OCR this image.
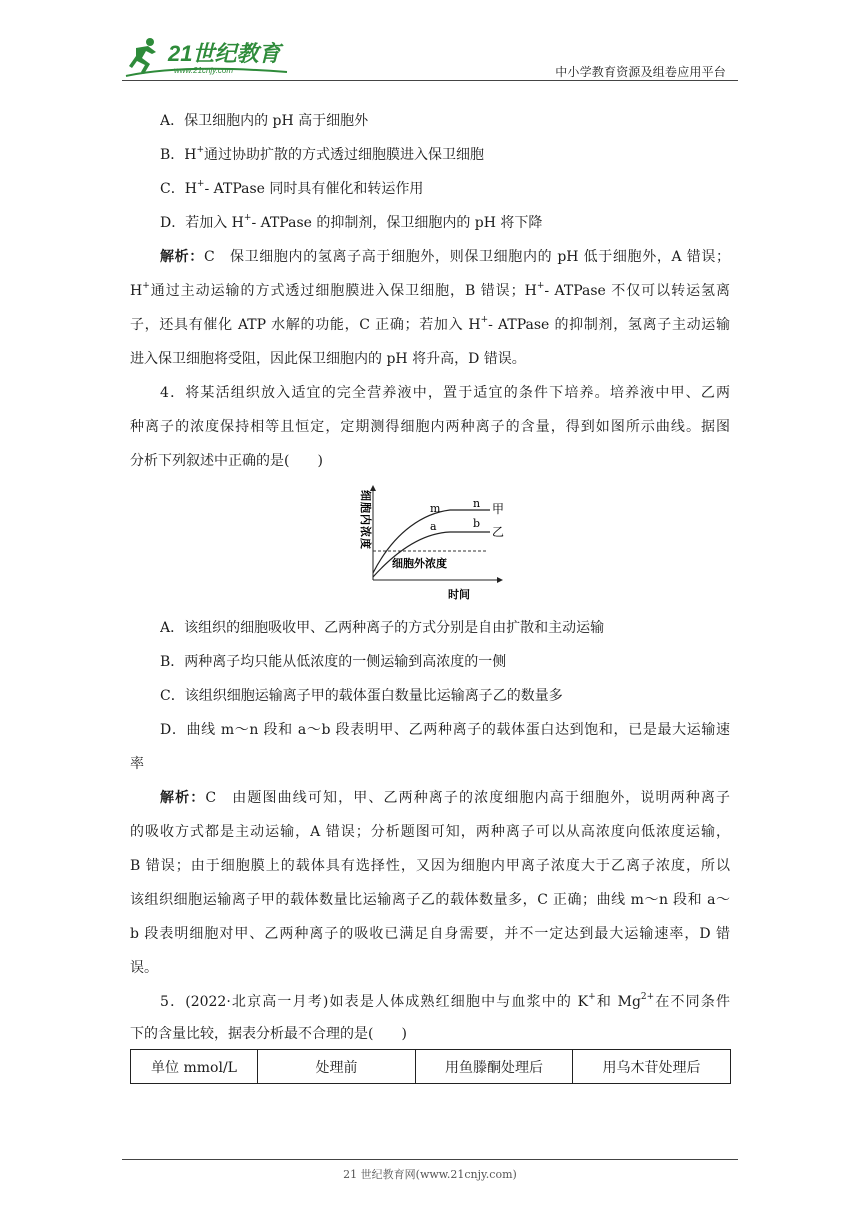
21世纪教育
www.21cnjy.com	中小学教育资源及组卷应用平台
A．保卫细胞内的 pH 高于细胞外
B．H+通过协助扩散的方式透过细胞膜进入保卫细胞
C．H+- ATPase 同时具有催化和转运作用
D．若加入 H+- ATPase 的抑制剂，保卫细胞内的 pH 将下降
解析：C　保卫细胞内的氢离子高于细胞外，则保卫细胞内的 pH 低于细胞外，A 错误；
H+通过主动运输的方式透过细胞膜进入保卫细胞，B 错误；H+- ATPase 不仅可以转运氢离
子，还具有催化 ATP 水解的功能，C 正确；若加入 H+- ATPase 的抑制剂，氢离子主动运输
进入保卫细胞将受阻，因此保卫细胞内的 pH 将升高，D 错误。
4．将某活组织放入适宜的完全营养液中，置于适宜的条件下培养。培养液中甲、乙两
种离子的浓度保持相等且恒定，定期测得细胞内两种离子的含量，得到如图所示曲线。据图
分析下列叙述中正确的是(　　)
细胞内浓度
时间
细胞外浓度
m	n
a	b
甲
乙
A．该组织的细胞吸收甲、乙两种离子的方式分别是自由扩散和主动运输
B．两种离子均只能从低浓度的一侧运输到高浓度的一侧
C．该组织细胞运输离子甲的载体蛋白数量比运输离子乙的数量多
D．曲线 m～n 段和 a～b 段表明甲、乙两种离子的载体蛋白达到饱和，已是最大运输速
率
解析：C　由题图曲线可知，甲、乙两种离子的浓度细胞内高于细胞外，说明两种离子
的吸收方式都是主动运输，A 错误；分析题图可知，两种离子可以从高浓度向低浓度运输，
B 错误；由于细胞膜上的载体具有选择性，又因为细胞内甲离子浓度大于乙离子浓度，所以
该组织细胞运输离子甲的载体数量比运输离子乙的载体数量多，C 正确；曲线 m～n 段和 a～
b 段表明细胞对甲、乙两种离子的吸收已满足自身需要，并不一定达到最大运输速率，D 错
误。
5．(2022·北京高一月考)如表是人体成熟红细胞中与血浆中的 K+和 $Mg^{2+}$在不同条件
下的含量比较，据表分析最不合理的是(　　)
单位 mmol/L	处理前	用鱼滕酮处理后	用乌木苷处理后
21 世纪教育网(www.21cnjy.com)
